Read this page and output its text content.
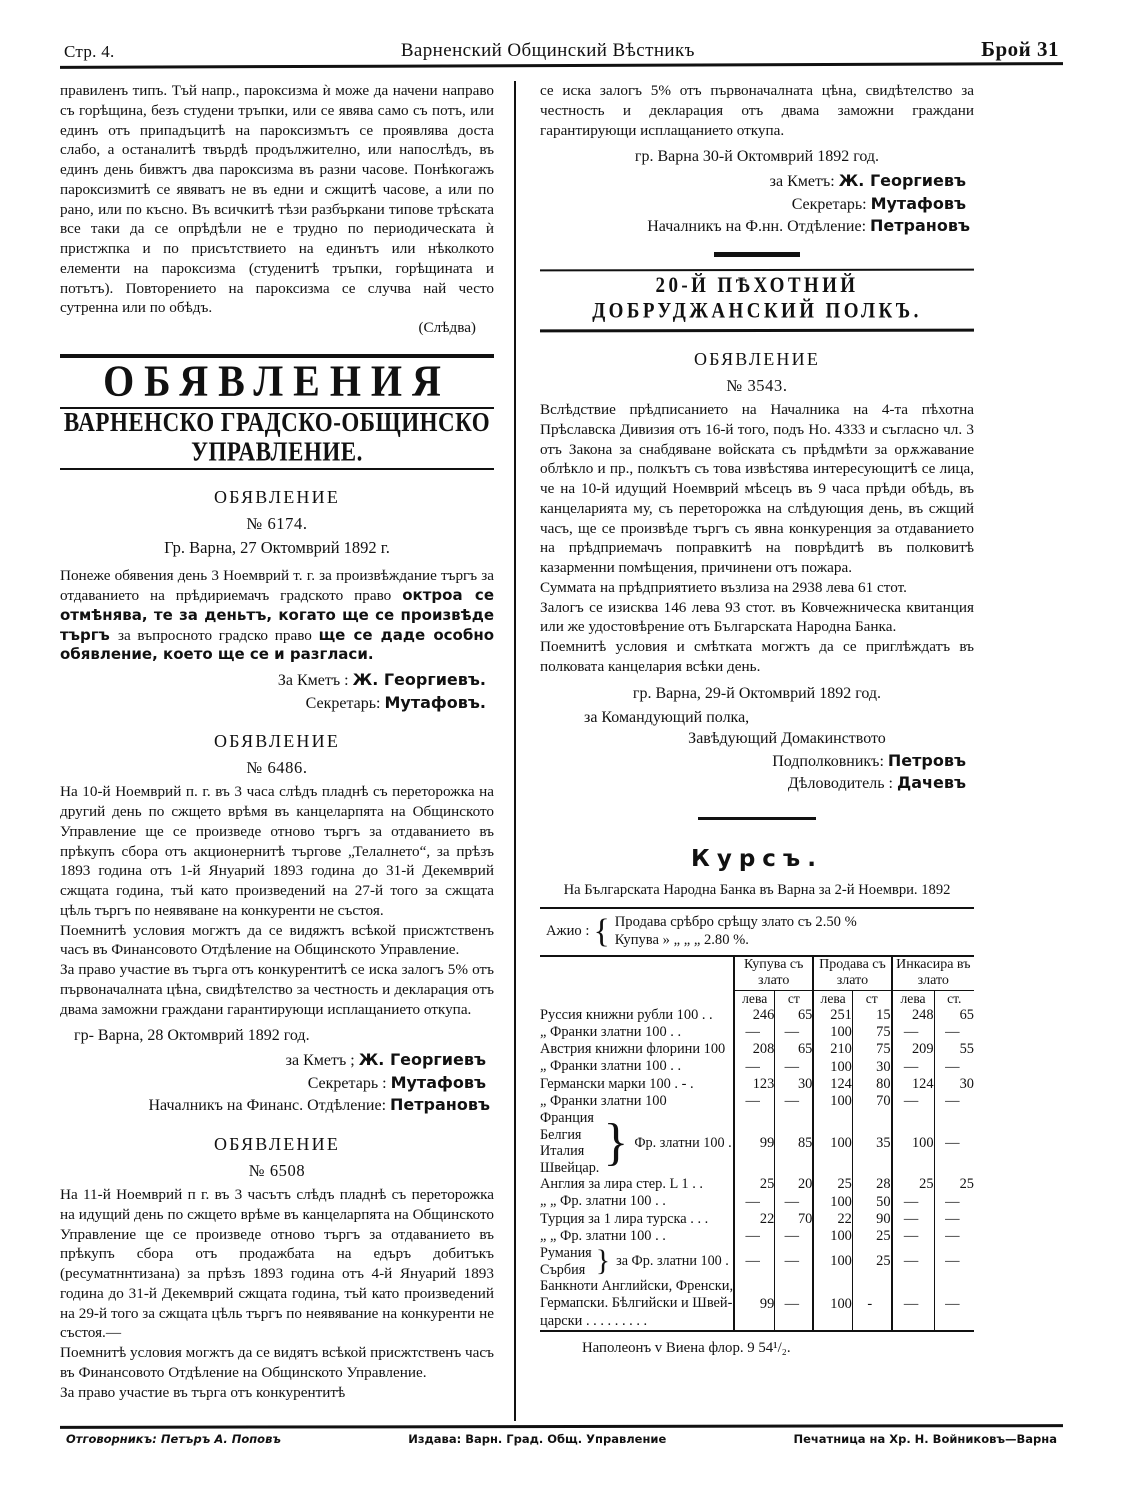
Стр. 4.	Варненский Общинский Вѣстникъ	Брой 31

правиленъ типъ. Тъй напр., пароксизма ѝ може да начени направо съ горѣщина, безъ студени тръпки, или се явява само съ потъ, или единъ отъ припадъцитѣ на пароксизмътъ се проявлява доста слабо, а останалитѣ твърдѣ продължително, или напослѣдъ, въ единъ день бивжтъ два пароксизма въ разни часове. Понѣкогажъ пароксизмитѣ се явяватъ не въ едни и сжщитѣ часове, а или по рано, или по късно. Въ всичкитѣ тѣзи разбъркани типове трѣската все таки да се опрѣдѣли не е трудно по периодическата ѝ пристжпка и по присътствието на единътъ или нѣколкото елементи на пароксизма (студенитѣ тръпки, горѣщината и потътъ). Повторението на пароксизма се случва най често сутренна или по обѣдъ.

(Слѣдва)

ОБЯВЛЕНИЯ
ВАРНЕНСКО ГРАДСКО-ОБЩИНСКО УПРАВЛЕНИЕ.
ОБЯВЛЕНИЕ
№ 6174.
Гр. Варна, 27 Октомврий 1892 г.

Понеже обявения день 3 Ноемврий т. г. за произвѣждание търгъ за отдаванието на прѣдириемачъ градското право октроа се отмѣнява, те за деньтъ, когато ще се произвѣде търгъ за въпросното градско право ще се даде особно обявление, което ще се и разгласи.

За Кметъ : Ж. Георгиевъ.
Секретарь: Мутафовъ.
ОБЯВЛЕНИЕ
№ 6486.

На 10-й Ноемврий п. г. въ 3 часа слѣдъ пладнѣ съ переторожка на другий день по сжщето врѣмя въ канцеларпята на Общинското Управление ще се произведе отново търгъ за отдаванието въ прѣкупъ сбора отъ акционернитѣ търгове „Телалнето“, за прѣзъ 1893 година отъ 1-й Януарий 1893 година до 31-й Декемврий сжщата година, тъй като произведений на 27-й того за сжщата цѣль търгъ по неявяване на конкуренти не състоя.

Поемнитѣ условия могжтъ да се видяжтъ всѣкой присжтственъ часъ въ Финансовото Отдѣление на Общинското Управление.

За право участие въ търга отъ конкурентитѣ се иска залогъ 5% отъ първоначалната цѣна, свидѣтелство за честность и декларация отъ двама заможни граждани гарантирующи исплащанието откупа.

гр- Варна, 28 Октомврий 1892 год.
за Кметъ ; Ж. Георгиевъ
Секретарь : Мутафовъ
Началникъ на Финанс. Отдѣление: Петрановъ
ОБЯВЛЕНИЕ
№ 6508

На 11-й Ноемврий п г. въ 3 часътъ слѣдъ пладнѣ съ переторожка на идущий день по сжщето врѣме въ канцеларпята на Общинското Управление ще се произведе отново търгъ за отдаванието въ прѣкупъ сбора отъ продажбата на едъръ добитъкъ (ресуматннтизана) за прѣзъ 1893 година отъ 4-й Януарий 1893 година до 31-й Декемврий сжщата година, тъй като произведений на 29-й того за сжщата цѣль търгъ по неявявание на конкуренти не състоя.—

Поемнитѣ условия могжтъ да се видятъ всѣкой присжтственъ часъ въ Финансовото Отдѣление на Общинското Управление.

За право участие въ търга отъ конкурентитѣ

се иска залогъ 5% отъ първоначалната цѣна, свидѣтелство за честность и декларация отъ двама заможни граждани гарантирующи исплащанието откупа.

гр. Варна 30-й Октомврий 1892 год.
за Кметъ: Ж. Георгиевъ
Секретарь: Мутафовъ
Началникъ на Ф.нн. Отдѣление: Петрановъ
20-Й ПѢХОТНИЙ ДОБРУДЖАНСКИЙ ПОЛКЪ.
ОБЯВЛЕНИЕ
№ 3543.

Вслѣдствие прѣдписаниeто на Началника на 4-та пѣхотна Прѣславска Дивизия отъ 16-й того, подъ Но. 4333 и съгласно чл. 3 отъ Закона за снабдяване войската съ прѣдмѣти за орѫжавание облѣкло и пр., полкътъ съ това извѣстява интересующитѣ се лица, че на 10-й идущий Ноемврий мѣсецъ въ 9 часа прѣди обѣдь, въ канцеларията му, съ переторожка на слѣдующия день, въ сжщий часъ, ще се произвѣде търгъ съ явна конкуренция за отдаванието на прѣдприемачъ поправкитѣ на поврѣдитѣ въ полковитѣ казарменни помѣщения, причинени отъ пожара.

Суммата на прѣдприятието възлиза на 2938 лева 61 стот.

Залогъ се изисква 146 лева 93 стот. въ Ковчежническа квитанция или же удостовѣрение отъ Българската Народна Банка.

Поемнитѣ условия и смѣтката могжтъ да се приглѣждатъ въ полковата канцелария всѣки день.

гр. Варна, 29-й Октомврий 1892 год.
за Командующий полка,
Завѣдующий Домакинството
Подполковникъ: Петровъ
Дѣловодитель : Дачевъ
Курсъ.
На Българската Народна Банка въ Варна за 2-й Ноември. 1892
Ажио : { Продава срѣбро срѣщу злато съ 2.50 %
Купува » „ „ „ 2.80 %.
	Купува съ злато		Продава съ злато		Инкасира въ злато	
	лева	ст	лева	ст	лева	ст.
Руссия книжни рубли 100 . .	246	65	251	15	248	65
„ Франки златни 100 . .	—	—	100	75	—	—
Австрия книжни флорини 100	208	65	210	75	209	55
„ Франки златни 100 . .	—	—	100	30	—	—
Германски марки 100 . - .	123	30	124	80	124	30
„ Франки златни 100	—	—	100	70	—	—

Франция
Белгия
Италия
Швейцар. } Фр. златни 100 .	99	85	100	35	100	—
Англия за лира стер. L 1 . .	25	20	25	28	25	25
„ „ Фр. златни 100 . .	—	—	100	50	—	—
Турция за 1 лира турска . . .	22	70	22	90	—	—
„ „ Фр. златни 100 . .	—	—	100	25	—	—

Румания
Сърбия } за Фр. златни 100 .	—	—	100	25	—	—

Банкноти Английски, Френски,
Гермапски. Бѣлгийски и Швей-
царски . . . . . . . . .	99	—	100	-	—	—
Наполеонъ v Виена флор. 9 54¹/₂.
Отговорникъ: Петъръ А. Поповъ	Издава: Варн. Град. Общ. Управление	Печатница на Хр. Н. Войниковъ—Варна
